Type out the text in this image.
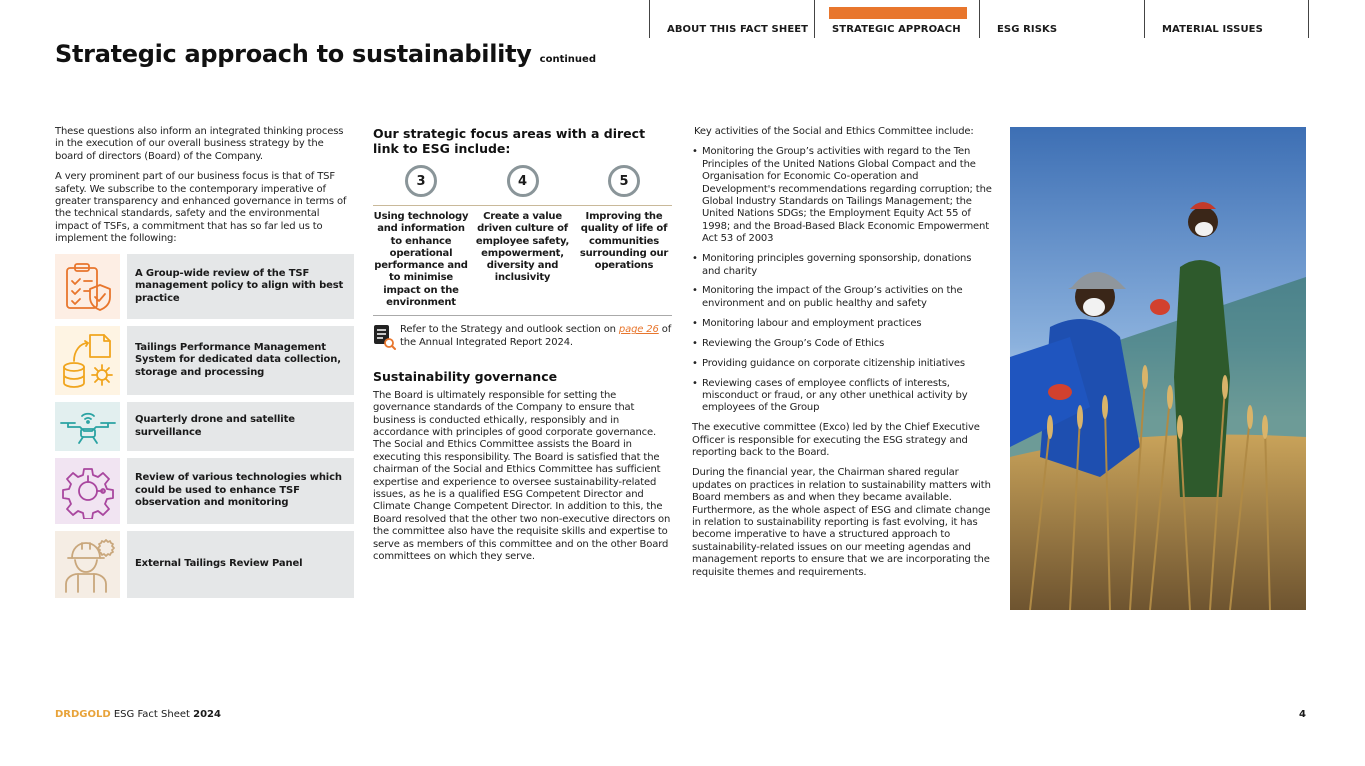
ABOUT THIS FACT SHEET STRATEGIC APPROACH	ESG RISKS	MATERIAL ISSUES
Strategic approach to sustainability continued

These questions also inform an integrated thinking process in the execution of our overall business strategy by the board of directors (Board) of the Company.

A very prominent part of our business focus is that of TSF safety. We subscribe to the contemporary imperative of greater transparency and enhanced governance in terms of the technical standards, safety and the environmental impact of TSFs, a commitment that has so far led us to implement the following:

A Group-wide review of the TSF management policy to align with best practice
Tailings Performance Management System for dedicated data collection, storage and processing
Quarterly drone and satellite surveillance
Review of various technologies which could be used to enhance TSF observation and monitoring
External Tailings Review Panel
Our strategic focus areas with a direct link to ESG include:
3
Using technology and information to enhance operational performance and to minimise impact on the environment
4
Create a value driven culture of employee safety, empowerment, diversity and inclusivity
5
Improving the quality of life of communities surrounding our operations
Refer to the Strategy and outlook section on page 26 of the Annual Integrated Report 2024.
Sustainability governance

The Board is ultimately responsible for setting the governance standards of the Company to ensure that business is conducted ethically, responsibly and in accordance with principles of good corporate governance. The Social and Ethics Committee assists the Board in executing this responsibility. The Board is satisfied that the chairman of the Social and Ethics Committee has sufficient expertise and experience to oversee sustainability-related issues, as he is a qualified ESG Competent Director and Climate Change Competent Director. In addition to this, the Board resolved that the other two non-executive directors on the committee also have the requisite skills and expertise to serve as members of this committee and on the other Board committees on which they serve.

Key activities of the Social and Ethics Committee include:

• Monitoring the Group’s activities with regard to the Ten Principles of the United Nations Global Compact and the Organisation for Economic Co-operation and Development's recommendations regarding corruption; the Global Industry Standards on Tailings Management; the United Nations SDGs; the Employment Equity Act 55 of 1998; and the Broad-Based Black Economic Empowerment Act 53 of 2003
• Monitoring principles governing sponsorship, donations and charity
• Monitoring the impact of the Group’s activities on the environment and on public healthy and safety
• Monitoring labour and employment practices
• Reviewing the Group’s Code of Ethics
• Providing guidance on corporate citizenship initiatives
• Reviewing cases of employee conflicts of interests, misconduct or fraud, or any other unethical activity by employees of the Group

The executive committee (Exco) led by the Chief Executive Officer is responsible for executing the ESG strategy and reporting back to the Board.

During the financial year, the Chairman shared regular updates on practices in relation to sustainability matters with Board members as and when they became available. Furthermore, as the whole aspect of ESG and climate change in relation to sustainability reporting is fast evolving, it has become imperative to have a structured approach to sustainability-related issues on our meeting agendas and management reports to ensure that we are incorporating the requisite themes and requirements.

DRDGOLD ESG Fact Sheet 2024	4
